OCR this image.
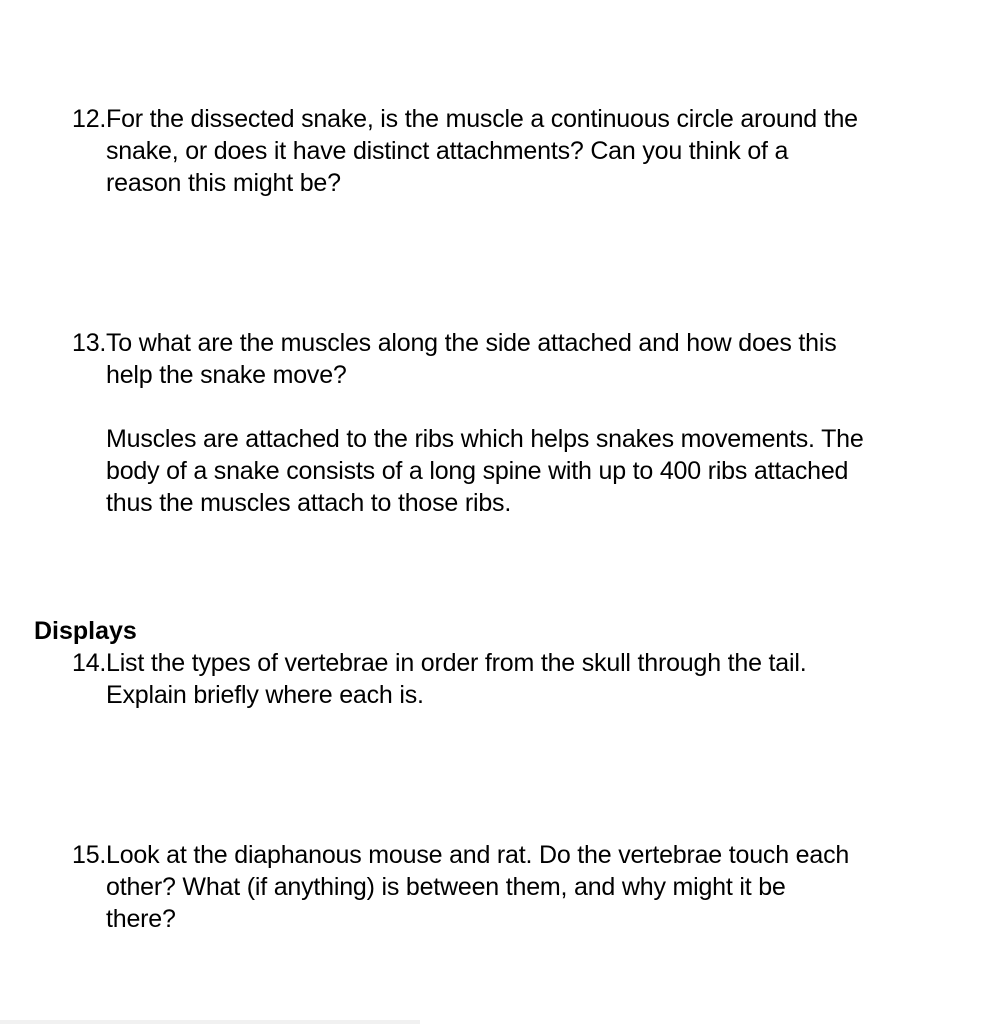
12.For the dissected snake, is the muscle a continuous circle around the
snake, or does it have distinct attachments? Can you think of a
reason this might be?
13.To what are the muscles along the side attached and how does this
help the snake move?
Muscles are attached to the ribs which helps snakes movements. The
body of a snake consists of a long spine with up to 400 ribs attached
thus the muscles attach to those ribs.
Displays
14.List the types of vertebrae in order from the skull through the tail.
Explain briefly where each is.
15.Look at the diaphanous mouse and rat. Do the vertebrae touch each
other? What (if anything) is between them, and why might it be
there?
